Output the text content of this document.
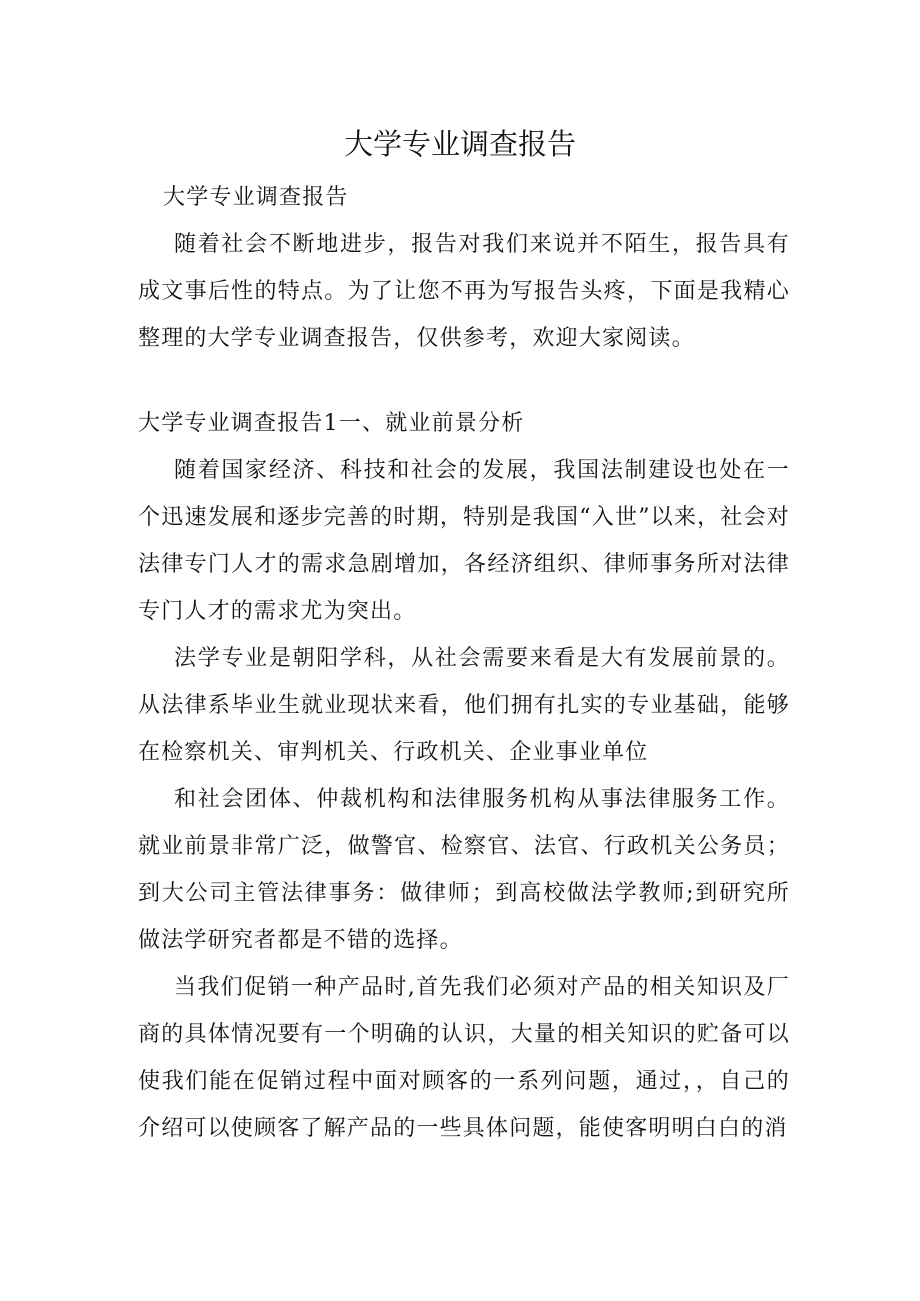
大学专业调查报告

大学专业调查报告

随着社会不断地进步，报告对我们来说并不陌生，报告具有成文事后性的特点。为了让您不再为写报告头疼，下面是我精心整理的大学专业调查报告，仅供参考，欢迎大家阅读。

大学专业调查报告1一、就业前景分析

随着国家经济、科技和社会的发展，我国法制建设也处在一个迅速发展和逐步完善的时期，特别是我国“入世”以来，社会对法律专门人才的需求急剧增加，各经济组织、律师事务所对法律专门人才的需求尤为突出。

法学专业是朝阳学科，从社会需要来看是大有发展前景的。从法律系毕业生就业现状来看，他们拥有扎实的专业基础，能够在检察机关、审判机关、行政机关、企业事业单位

和社会团体、仲裁机构和法律服务机构从事法律服务工作。就业前景非常广泛，做警官、检察官、法官、行政机关公务员；到大公司主管法律事务：做律师；到高校做法学教师;到研究所做法学研究者都是不错的选择。

当我们促销一种产品时,首先我们必须对产品的相关知识及厂商的具体情况要有一个明确的认识，大量的相关知识的贮备可以使我们能在促销过程中面对顾客的一系列问题，通过，，自己的介绍可以使顾客了解产品的一些具体问题，能使客明明白白的消
